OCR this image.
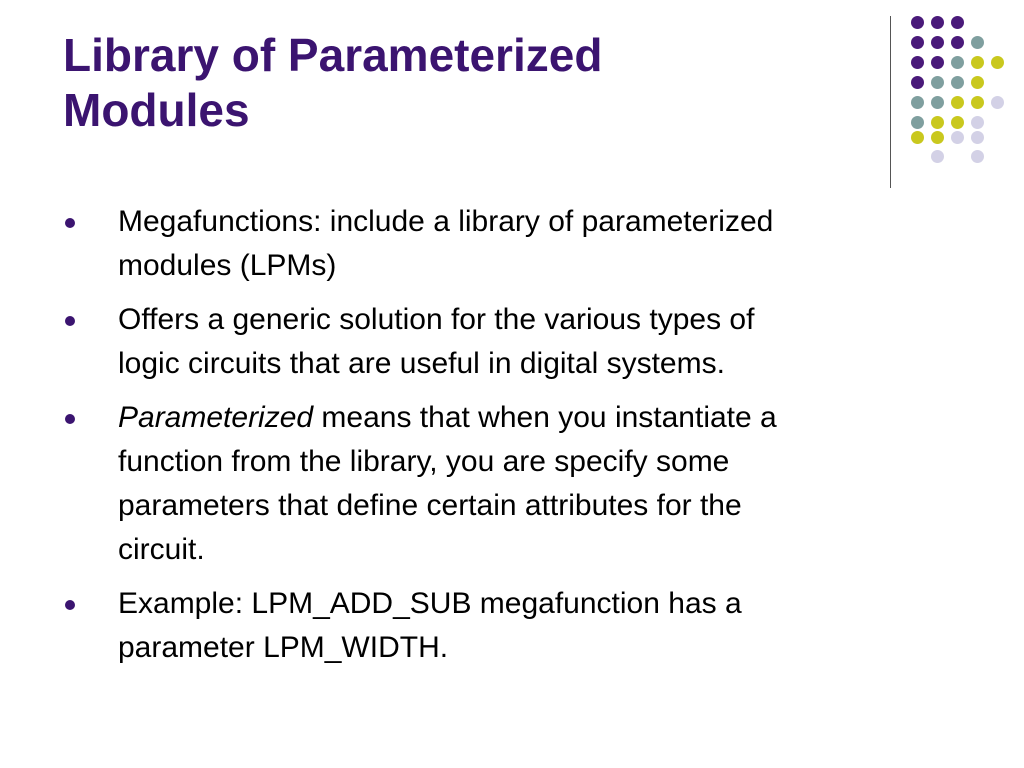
Library of Parameterized
Modules
Megafunctions: include a library of parameterized
modules (LPMs)
Offers a generic solution for the various types of
logic circuits that are useful in digital systems.
Parameterized means that when you instantiate a
function from the library, you are specify some
parameters that define certain attributes for the
circuit.
Example: LPM_ADD_SUB megafunction has a
parameter LPM_WIDTH.
